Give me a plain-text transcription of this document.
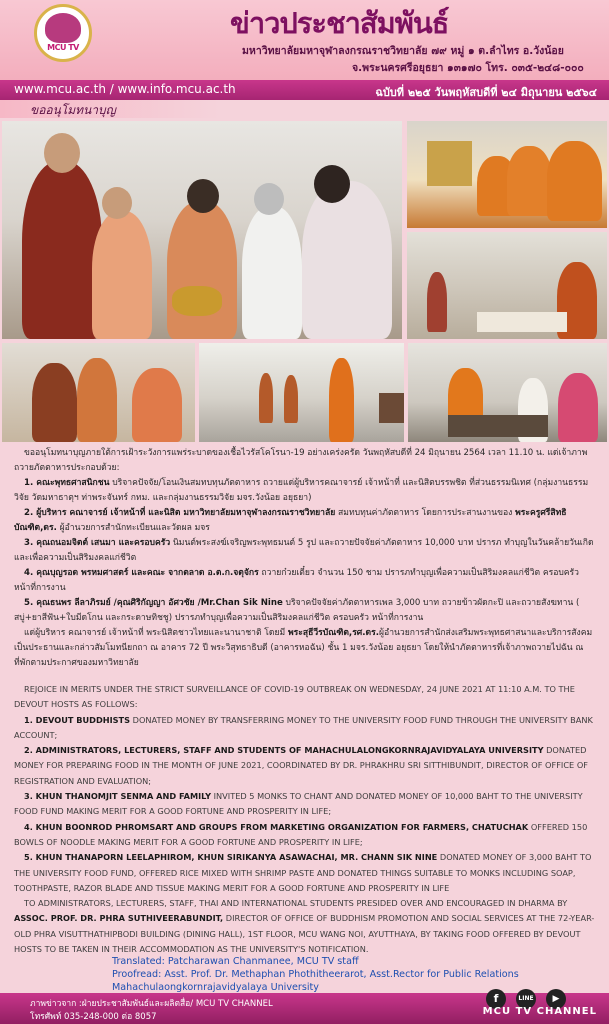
MCU TV
ข่าวประชาสัมพันธ์
มหาวิทยาลัยมหาจุฬาลงกรณราชวิทยาลัย ๗๙ หมู่ ๑ ต.ลำไทร อ.วังน้อย
จ.พระนครศรีอยุธยา ๑๓๑๗๐ โทร. ๐๓๕-๒๔๘-๐๐๐
www.mcu.ac.th / www.info.mcu.ac.th	ฉบับที่ ๒๒๕ วันพฤหัสบดีที่ ๒๔ มิถุนายน ๒๕๖๔
ขออนุโมทนาบุญ

ขออนุโมทนาบุญภายใต้การเฝ้าระวังการแพร่ระบาดของเชื้อไวรัสโคโรนา-19 อย่างเคร่งครัด วันพฤหัสบดีที่ 24 มิถุนายน 2564 เวลา 11.10 น. แด่เจ้าภาพถวายภัตตาหารประกอบด้วย:

1. คณะพุทธศาสนิกชน บริจาคปัจจัย/โอนเงินสมทบทุนภัตตาหาร ถวายแด่ผู้บริหารคณาจารย์ เจ้าหน้าที่ และนิสิตบรรพชิต ที่ส่วนธรรมนิเทศ (กลุ่มงานธรรมวิจัย วัดมหาธาตุฯ ท่าพระจันทร์ กทม. และกลุ่มงานธรรมวิจัย มจร.วังน้อย อยุธยา)

2. ผู้บริหาร คณาจารย์ เจ้าหน้าที่ และนิสิต มหาวิทยาลัยมหาจุฬาลงกรณราชวิทยาลัย สมทบทุนค่าภัตตาหาร โดยการประสานงานของ พระครูศรีสิทธิบัณฑิต,ดร. ผู้อำนวยการสำนักทะเบียนและวัดผล มจร

3. คุณถนอมจิตต์ เสนมา และครอบครัว นิมนต์พระสงฆ์เจริญพระพุทธมนต์ 5 รูป และถวายปัจจัยค่าภัตตาหาร 10,000 บาท ปรารภ ทำบุญในวันคล้ายวันเกิด และเพื่อความเป็นสิริมงคลแก่ชีวิต

4. คุณบุญรอด พรหมศาสตร์ และคณะ จากตลาด อ.ต.ก.จตุจักร ถวายก๋วยเตี๋ยว จำนวน 150 ชาม ปรารภทำบุญเพื่อความเป็นสิริมงคลแก่ชีวิต ครอบครัว หน้าที่การงาน

5. คุณธนพร ลีลาภิรมย์ /คุณศิริกัญญา อัศวชัย /Mr.Chan Sik Nine บริจาคปัจจัยค่าภัตตาหารเพล 3,000 บาท ถวายข้าวผัดกะปิ และถวายสังฆทาน ( สบู่+ยาสีฟัน+ใบมีดโกน และกระดาษทิชชู) ปรารภทำบุญเพื่อความเป็นสิริมงคลแก่ชีวิต ครอบครัว หน้าที่การงาน

แด่ผู้บริหาร คณาจารย์ เจ้าหน้าที่ พระนิสิตชาวไทยและนานาชาติ โดยมี พระสุธีวีรบัณฑิต,รศ.ดร.ผู้อำนวยการสำนักส่งเสริมพระพุทธศาสนาและบริการสังคม เป็นประธานและกล่าวสัมโมทนียกถา ณ อาคาร 72 ปี พระวิสุทธาธิบดี (อาคารหอฉัน) ชั้น 1 มจร.วังน้อย อยุธยา โดยให้นำภัตตาหารที่เจ้าภาพถวายไปฉัน ณ ที่พักตามประกาศของมหาวิทยาลัย

REJOICE IN MERITS UNDER THE STRICT SURVEILLANCE OF COVID-19 OUTBREAK ON WEDNESDAY, 24 JUNE 2021 AT 11:10 A.M. TO THE DEVOUT HOSTS AS FOLLOWS:

1. DEVOUT BUDDHISTS DONATED MONEY BY TRANSFERRING MONEY TO THE UNIVERSITY FOOD FUND THROUGH THE UNIVERSITY BANK ACCOUNT;

2. ADMINISTRATORS, LECTURERS, STAFF AND STUDENTS OF MAHACHULALONGKORNRAJAVIDYALAYA UNIVERSITY DONATED MONEY FOR PREPARING FOOD IN THE MONTH OF JUNE 2021, COORDINATED BY DR. PHRAKHRU SRI SITTHIBUNDIT, DIRECTOR OF OFFICE OF REGISTRATION AND EVALUATION;

3. KHUN THANOMJIT SENMA AND FAMILY INVITED 5 MONKS TO CHANT AND DONATED MONEY OF 10,000 BAHT TO THE UNIVERSITY FOOD FUND MAKING MERIT FOR A GOOD FORTUNE AND PROSPERITY IN LIFE;

4. KHUN BOONROD PHROMSART AND GROUPS FROM MARKETING ORGANIZATION FOR FARMERS, CHATUCHAK OFFERED 150 BOWLS OF NOODLE MAKING MERIT FOR A GOOD FORTUNE AND PROSPERITY IN LIFE;

5. KHUN THANAPORN LEELAPHIROM, KHUN SIRIKANYA ASAWACHAI, MR. CHANN SIK NINE DONATED MONEY OF 3,000 BAHT TO THE UNIVERSITY FOOD FUND, OFFERED RICE MIXED WITH SHRIMP PASTE AND DONATED THINGS SUITABLE TO MONKS INCLUDING SOAP, TOOTHPASTE, RAZOR BLADE AND TISSUE MAKING MERIT FOR A GOOD FORTUNE AND PROSPERITY IN LIFE

TO ADMINISTRATORS, LECTURERS, STAFF, THAI AND INTERNATIONAL STUDENTS PRESIDED OVER AND ENCOURAGED IN DHARMA BY ASSOC. PROF. DR. PHRA SUTHIVEERABUNDIT, DIRECTOR OF OFFICE OF BUDDHISM PROMOTION AND SOCIAL SERVICES AT THE 72-YEAR-OLD PHRA VISUTTHATHIPBODI BUILDING (DINING HALL), 1ST FLOOR, MCU WANG NOI, AYUTTHAYA, BY TAKING FOOD OFFERED BY DEVOUT HOSTS TO BE TAKEN IN THEIR ACCOMMODATION AS THE UNIVERSITY'S NOTIFICATION.

Translated: Patcharawan Chanmanee, MCU TV staff
Proofread: Asst. Prof. Dr. Methaphan Phothitheerarot, Asst.Rector for Public Relations
Mahachulaongkornrajavidyalaya University
ภาพข่าวจาก :ฝ่ายประชาสัมพันธ์และผลิตสื่อ/ MCU TV CHANNEL
โทรศัพท์ 035-248-000 ต่อ 8057
f	LINE	▶
MCU TV CHANNEL
